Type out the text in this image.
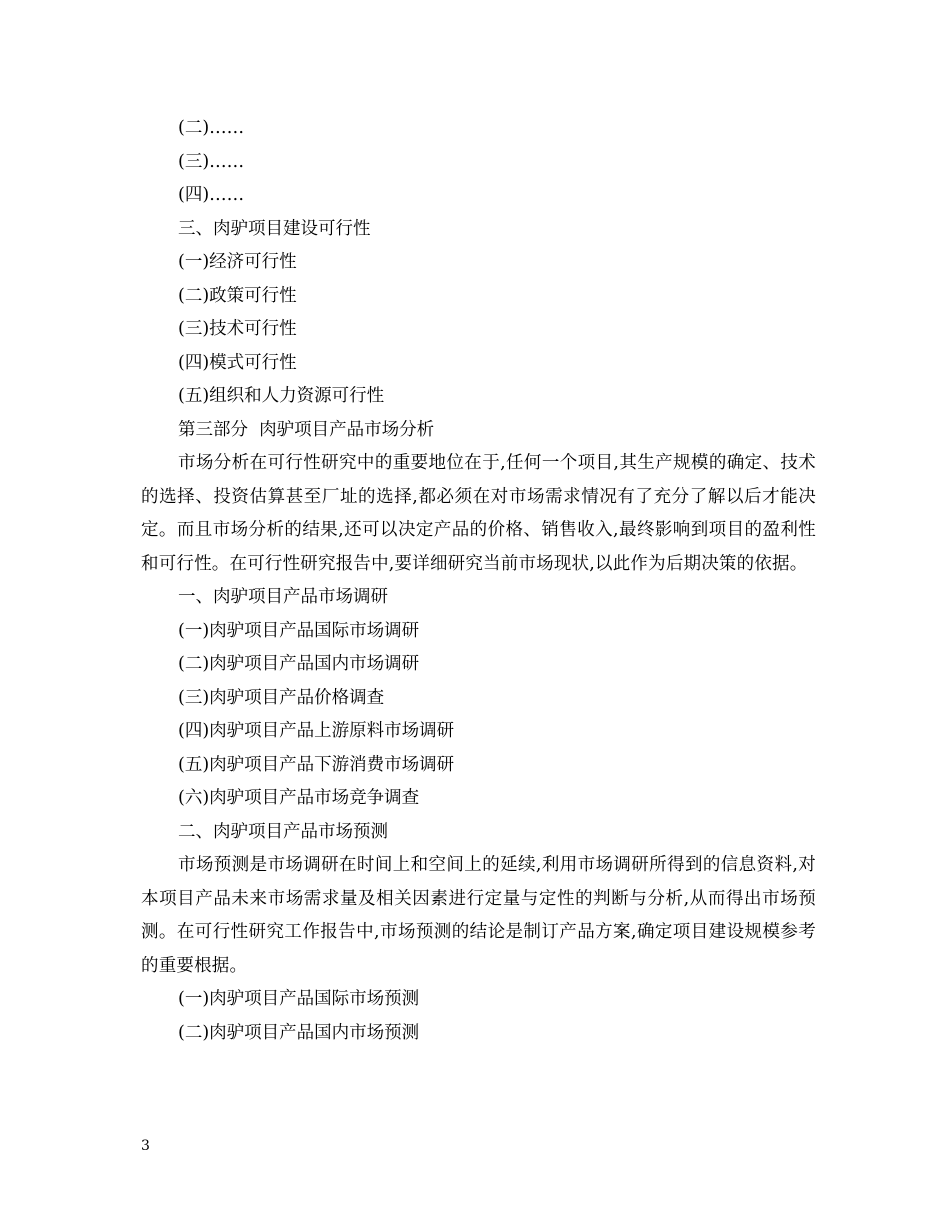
(二)……
(三)……
(四)……
三、肉驴项目建设可行性
(一)经济可行性
(二)政策可行性
(三)技术可行性
(四)模式可行性
(五)组织和人力资源可行性
第三部分  肉驴项目产品市场分析

市场分析在可行性研究中的重要地位在于,任何一个项目,其生产规模的确定、技术的选择、投资估算甚至厂址的选择,都必须在对市场需求情况有了充分了解以后才能决定。而且市场分析的结果,还可以决定产品的价格、销售收入,最终影响到项目的盈利性和可行性。在可行性研究报告中,要详细研究当前市场现状,以此作为后期决策的依据。

一、肉驴项目产品市场调研
(一)肉驴项目产品国际市场调研
(二)肉驴项目产品国内市场调研
(三)肉驴项目产品价格调查
(四)肉驴项目产品上游原料市场调研
(五)肉驴项目产品下游消费市场调研
(六)肉驴项目产品市场竞争调查
二、肉驴项目产品市场预测

市场预测是市场调研在时间上和空间上的延续,利用市场调研所得到的信息资料,对本项目产品未来市场需求量及相关因素进行定量与定性的判断与分析,从而得出市场预测。在可行性研究工作报告中,市场预测的结论是制订产品方案,确定项目建设规模参考的重要根据。

(一)肉驴项目产品国际市场预测
(二)肉驴项目产品国内市场预测
3
